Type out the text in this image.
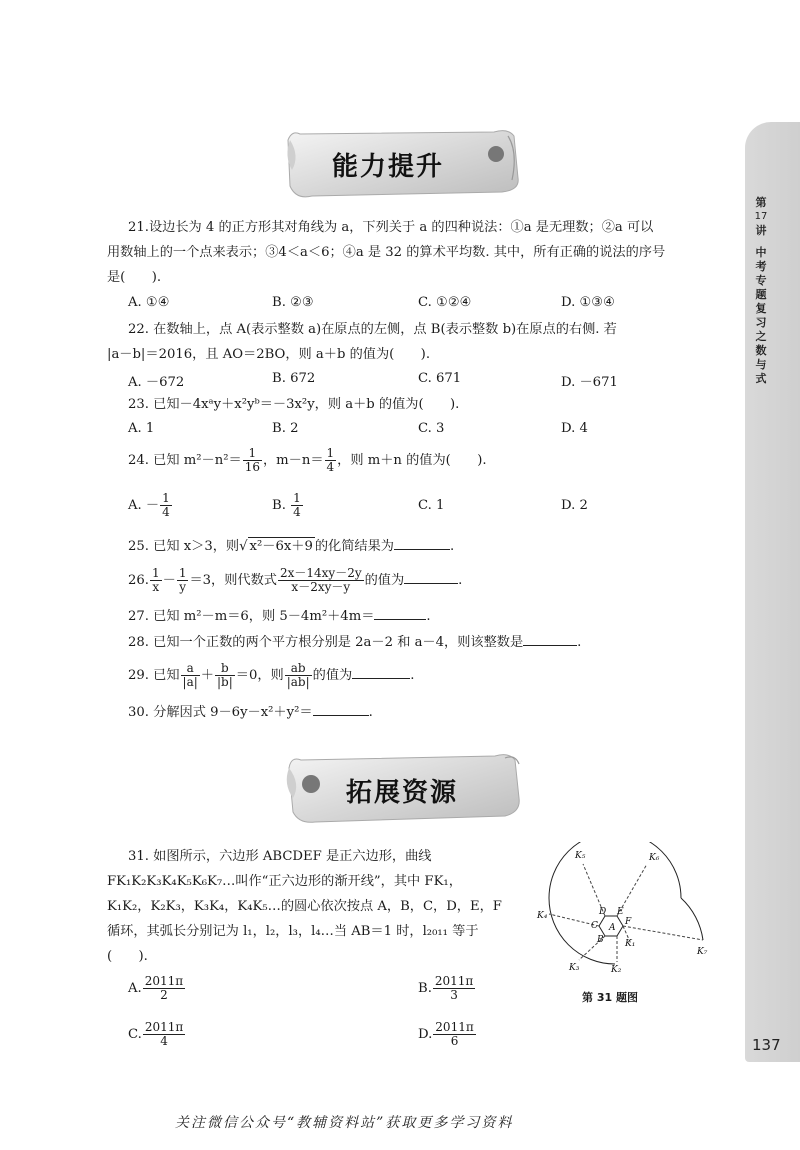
第
17
讲
中
考
专
题
复
习
之
数
与
式
137
能力提升
21.设边长为 4 的正方形其对角线为 a，下列关于 a 的四种说法：①a 是无理数；②a 可以
用数轴上的一个点来表示；③4＜a＜6；④a 是 32 的算术平均数. 其中，所有正确的说法的序号
是(　　).
A. ①④	B. ②③	C. ①②④	D. ①③④
22. 在数轴上，点 A(表示整数 a)在原点的左侧，点 B(表示整数 b)在原点的右侧. 若
|a－b|＝2016，且 AO＝2BO，则 a＋b 的值为(　　).
A. －672	B. 672	C. 671	D. －671
23. 已知－4xᵃy＋x²yᵇ＝－3x²y，则 a＋b 的值为(　　).
A. 1	B. 2	C. 3	D. 4
24. 已知 $m^2-n^2= \frac{1}{16}$ ，$m-n= \frac{1}{4}$ ，则 m＋n 的值为(　　).
A. － $\frac{1}{4}$	B. $\frac{1}{4}$	C. 1	D. 2
25. 已知 x＞3，则√ x²－6x＋9 的化简结果为	.
26. $\frac{1}{x} - \frac{1}{y} =3$，则代数式 $\frac{2x-14xy-2y}{x-2xy-y}$ 的值为	.
27. 已知 m²－m＝6，则 5－4m²＋4m＝	.
28. 已知一个正数的两个平方根分别是 2a－2 和 a－4，则该整数是	.
29. 已知 $\frac{a}{|a|} + \frac{b}{|b|} =0$，则 $\frac{ab}{|ab|}$ 的值为	.
30. 分解因式 9－6y－x²＋y²＝	.
拓展资源
31. 如图所示，六边形 ABCDEF 是正六边形，曲线
FK₁K₂K₃K₄K₅K₆K₇…叫作“正六边形的渐开线”，其中 FK₁，
K₁K₂，K₂K₃，K₃K₄，K₄K₅…的圆心依次按点 A，B，C，D，E，F
循环，其弧长分别记为 l₁，l₂，l₃，l₄…当 AB＝1 时，l₂₀₁₁ 等于
(　　).
A. $\frac{2011\pi}{2}$	B. $\frac{2011\pi}{3}$
C. $\frac{2011\pi}{4}$	D. $\frac{2011\pi}{6}$
K₅	K₆
K₄
K₇
K₃	K₂
K₁
D E
F
C
B
A
第 31 题图
关注微信公众号“教辅资料站”获取更多学习资料
